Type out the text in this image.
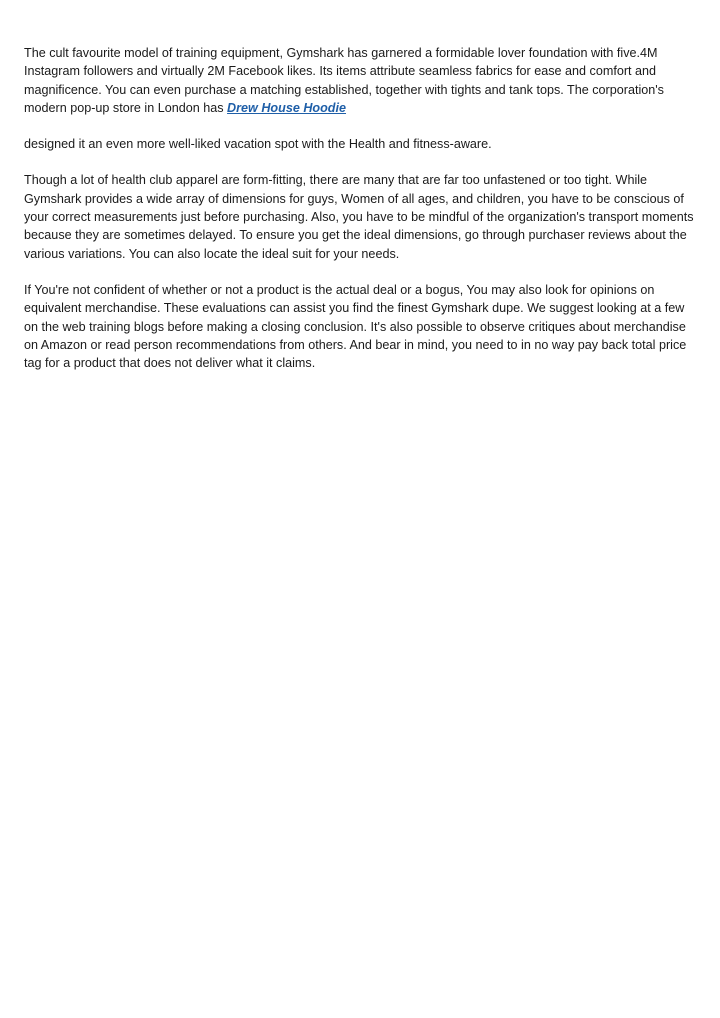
The cult favourite model of training equipment, Gymshark has garnered a formidable lover foundation with five.4M Instagram followers and virtually 2M Facebook likes. Its items attribute seamless fabrics for ease and comfort and magnificence. You can even purchase a matching established, together with tights and tank tops. The corporation's modern pop-up store in London has Drew House Hoodie

designed it an even more well-liked vacation spot with the Health and fitness-aware.

Though a lot of health club apparel are form-fitting, there are many that are far too unfastened or too tight. While Gymshark provides a wide array of dimensions for guys, Women of all ages, and children, you have to be conscious of your correct measurements just before purchasing. Also, you have to be mindful of the organization's transport moments because they are sometimes delayed. To ensure you get the ideal dimensions, go through purchaser reviews about the various variations. You can also locate the ideal suit for your needs.

If You're not confident of whether or not a product is the actual deal or a bogus, You may also look for opinions on equivalent merchandise. These evaluations can assist you find the finest Gymshark dupe. We suggest looking at a few on the web training blogs before making a closing conclusion. It's also possible to observe critiques about merchandise on Amazon or read person recommendations from others. And bear in mind, you need to in no way pay back total price tag for a product that does not deliver what it claims.
